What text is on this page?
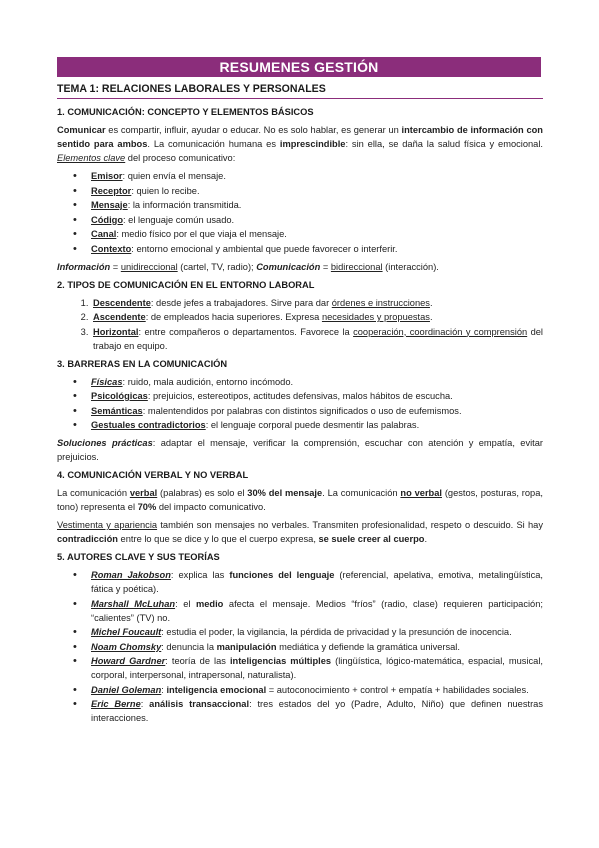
RESUMENES GESTIÓN
TEMA 1: RELACIONES LABORALES Y PERSONALES
1. COMUNICACIÓN: CONCEPTO Y ELEMENTOS BÁSICOS

Comunicar es compartir, influir, ayudar o educar. No es solo hablar, es generar un intercambio de información con sentido para ambos. La comunicación humana es imprescindible: sin ella, se daña la salud física y emocional. Elementos clave del proceso comunicativo:

• Emisor: quien envía el mensaje.
• Receptor: quien lo recibe.
• Mensaje: la información transmitida.
• Código: el lenguaje común usado.
• Canal: medio físico por el que viaja el mensaje.
• Contexto: entorno emocional y ambiental que puede favorecer o interferir.

Información = unidireccional (cartel, TV, radio); Comunicación = bidireccional (interacción).

2. TIPOS DE COMUNICACIÓN EN EL ENTORNO LABORAL
1. Descendente: desde jefes a trabajadores. Sirve para dar órdenes e instrucciones.
2. Ascendente: de empleados hacia superiores. Expresa necesidades y propuestas.
3. Horizontal: entre compañeros o departamentos. Favorece la cooperación, coordinación y comprensión del trabajo en equipo.
3. BARRERAS EN LA COMUNICACIÓN
• Físicas: ruido, mala audición, entorno incómodo.
• Psicológicas: prejuicios, estereotipos, actitudes defensivas, malos hábitos de escucha.
• Semánticas: malentendidos por palabras con distintos significados o uso de eufemismos.
• Gestuales contradictorios: el lenguaje corporal puede desmentir las palabras.

Soluciones prácticas: adaptar el mensaje, verificar la comprensión, escuchar con atención y empatía, evitar prejuicios.

4. COMUNICACIÓN VERBAL Y NO VERBAL

La comunicación verbal (palabras) es solo el 30% del mensaje. La comunicación no verbal (gestos, posturas, ropa, tono) representa el 70% del impacto comunicativo.

Vestimenta y apariencia también son mensajes no verbales. Transmiten profesionalidad, respeto o descuido. Si hay contradicción entre lo que se dice y lo que el cuerpo expresa, se suele creer al cuerpo.

5. AUTORES CLAVE Y SUS TEORÍAS
• Roman Jakobson: explica las funciones del lenguaje (referencial, apelativa, emotiva, metalingüística, fática y poética).
• Marshall McLuhan: el medio afecta el mensaje. Medios “fríos” (radio, clase) requieren participación; “calientes” (TV) no.
• Michel Foucault: estudia el poder, la vigilancia, la pérdida de privacidad y la presunción de inocencia.
• Noam Chomsky: denuncia la manipulación mediática y defiende la gramática universal.
• Howard Gardner: teoría de las inteligencias múltiples (lingüística, lógico-matemática, espacial, musical, corporal, interpersonal, intrapersonal, naturalista).
• Daniel Goleman: inteligencia emocional = autoconocimiento + control + empatía + habilidades sociales.
• Eric Berne: análisis transaccional: tres estados del yo (Padre, Adulto, Niño) que definen nuestras interacciones.
